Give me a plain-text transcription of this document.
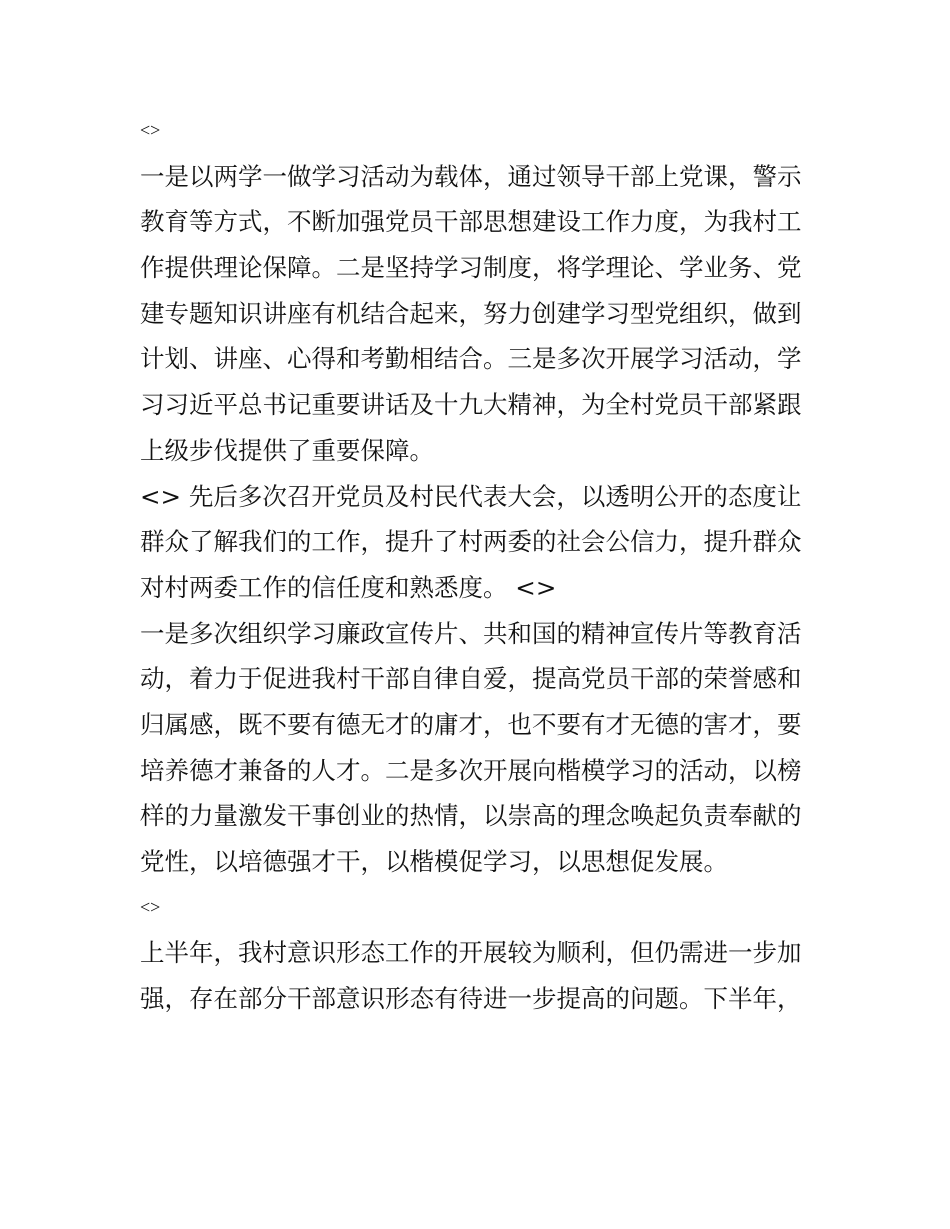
<>
一是以两学一做学习活动为载体，通过领导干部上党课，警示
教育等方式，不断加强党员干部思想建设工作力度，为我村工
作提供理论保障。二是坚持学习制度，将学理论、学业务、党
建专题知识讲座有机结合起来，努力创建学习型党组织，做到
计划、讲座、心得和考勤相结合。三是多次开展学习活动，学
习习近平总书记重要讲话及十九大精神，为全村党员干部紧跟
上级步伐提供了重要保障。
<> 先后多次召开党员及村民代表大会，以透明公开的态度让
群众了解我们的工作，提升了村两委的社会公信力，提升群众
对村两委工作的信任度和熟悉度。 <>
一是多次组织学习廉政宣传片、共和国的精神宣传片等教育活
动，着力于促进我村干部自律自爱，提高党员干部的荣誉感和
归属感，既不要有德无才的庸才，也不要有才无德的害才，要
培养德才兼备的人才。二是多次开展向楷模学习的活动，以榜
样的力量激发干事创业的热情，以崇高的理念唤起负责奉献的
党性，以培德强才干，以楷模促学习，以思想促发展。
<>
上半年，我村意识形态工作的开展较为顺利，但仍需进一步加
强，存在部分干部意识形态有待进一步提高的问题。下半年，
